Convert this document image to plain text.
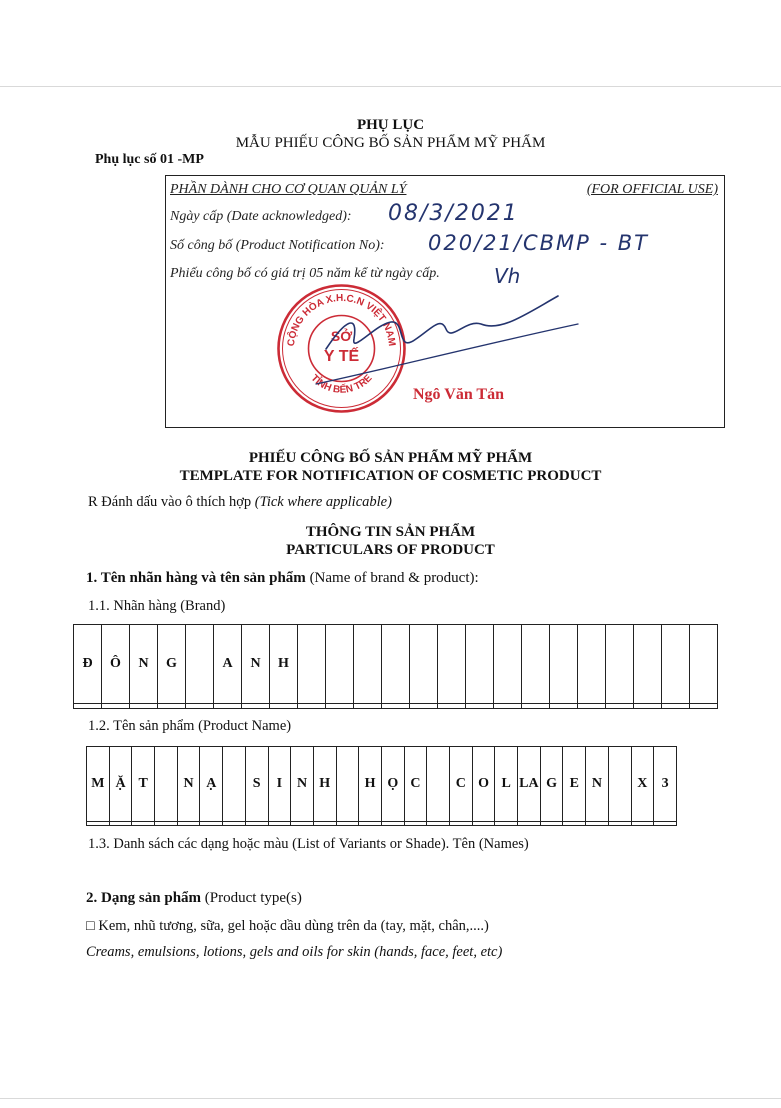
PHỤ LỤC
MẪU PHIẾU CÔNG BỐ SẢN PHẨM MỸ PHẨM
Phụ lục số 01 -MP
PHẦN DÀNH CHO CƠ QUAN QUẢN LÝ	(FOR OFFICIAL USE)
Ngày cấp (Date acknowledged): 08/3/2021
Số công bố (Product Notification No): 020/21/CBMP - BT
Phiếu công bố có giá trị 05 năm kể từ ngày cấp.	Vh
CỘNG HÒA X.H.C.N VIỆT NAM
TỈNH BẾN TRE
SỞ
Y TẾ
Ngô Văn Tán
PHIẾU CÔNG BỐ SẢN PHẨM MỸ PHẨM
TEMPLATE FOR NOTIFICATION OF COSMETIC PRODUCT
R Đánh dấu vào ô thích hợp (Tick where applicable)
THÔNG TIN SẢN PHẨM
PARTICULARS OF PRODUCT
1. Tên nhãn hàng và tên sản phẩm (Name of brand & product):
1.1. Nhãn hàng (Brand)
Đ	Ô	N	G		A	N	H															

1.2. Tên sản phẩm (Product Name)
M	Ặ	T		N	Ạ		S	I	N	H		H	Ọ	C		C	O	L	LA	G	E	N		X	3

1.3. Danh sách các dạng hoặc màu (List of Variants or Shade). Tên (Names)
2. Dạng sản phẩm (Product type(s)
□ Kem, nhũ tương, sữa, gel hoặc dầu dùng trên da (tay, mặt, chân,....)
Creams, emulsions, lotions, gels and oils for skin (hands, face, feet, etc)
